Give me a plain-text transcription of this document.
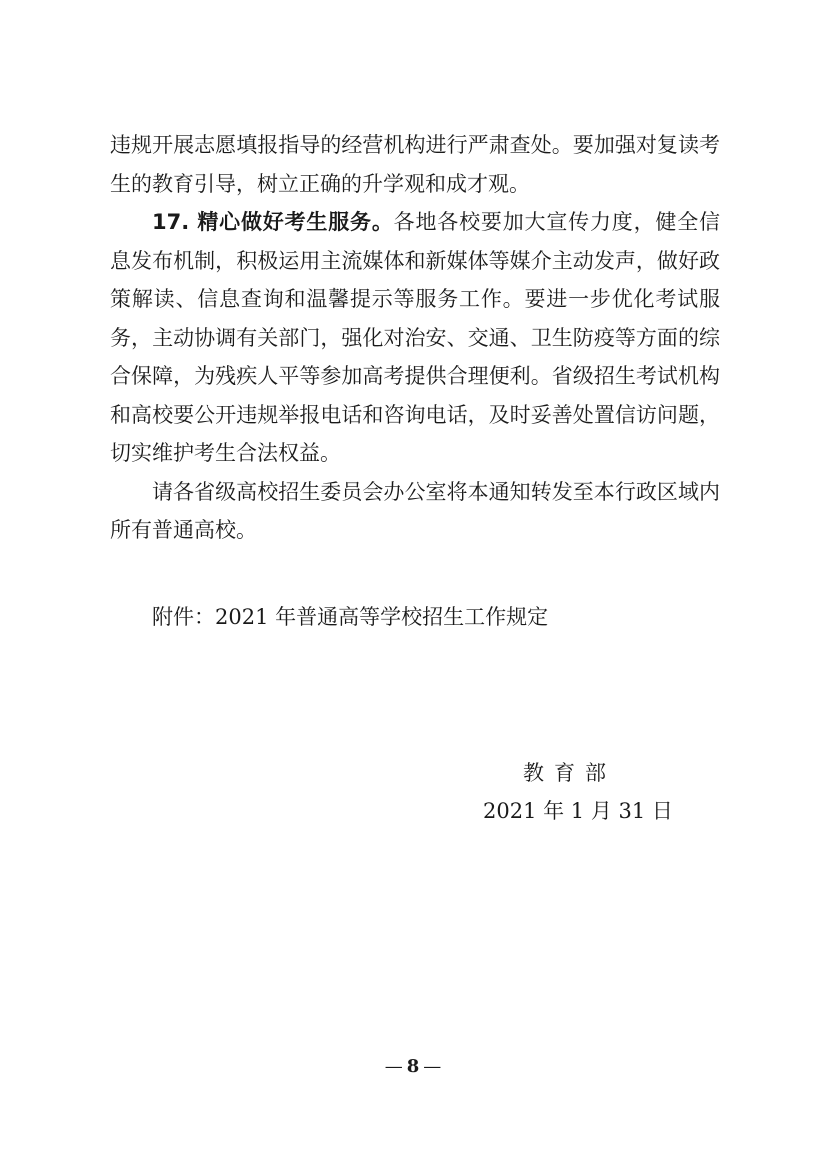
违规开展志愿填报指导的经营机构进行严肃查处。要加强对复读考生的教育引导，树立正确的升学观和成才观。

17. 精心做好考生服务。各地各校要加大宣传力度，健全信息发布机制，积极运用主流媒体和新媒体等媒介主动发声，做好政策解读、信息查询和温馨提示等服务工作。要进一步优化考试服务，主动协调有关部门，强化对治安、交通、卫生防疫等方面的综合保障，为残疾人平等参加高考提供合理便利。省级招生考试机构和高校要公开违规举报电话和咨询电话，及时妥善处置信访问题，切实维护考生合法权益。

请各省级高校招生委员会办公室将本通知转发至本行政区域内所有普通高校。

附件：2021 年普通高等学校招生工作规定
教育部
2021 年 1 月 31 日
— 8 —
